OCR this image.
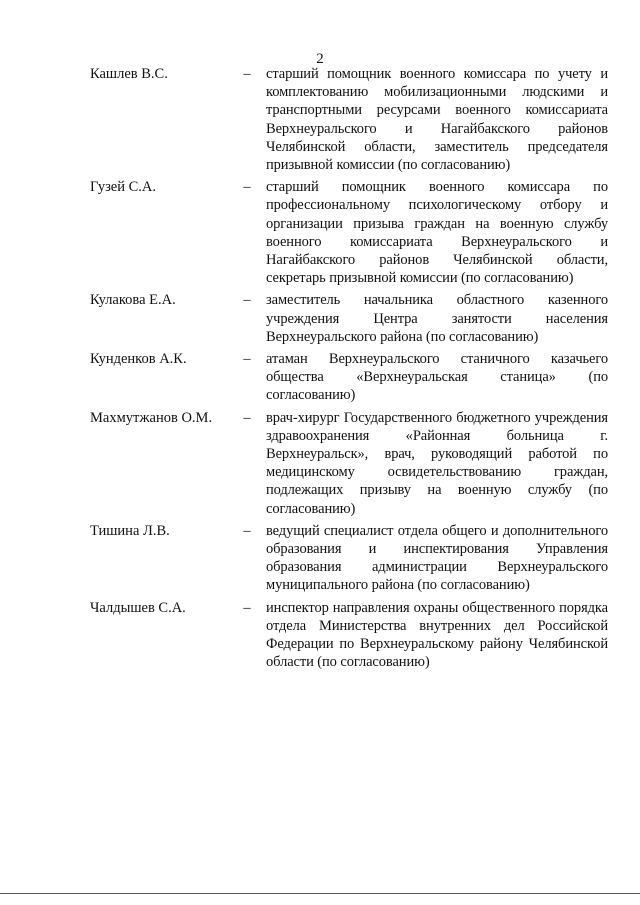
2
Кашлев В.С.	– старший помощник военного комиссара по учету и комплектованию мобилизационными людскими и транспортными ресурсами военного комиссариата Верхнеуральского и Нагайбакского районов Челябинской области, заместитель председателя призывной комиссии (по согласованию)
Гузей С.А.	– старший помощник военного комиссара по профессиональному психологическому отбору и организации призыва граждан на военную службу военного комиссариата Верхнеуральского и Нагайбакского районов Челябинской области, секретарь призывной комиссии (по согласованию)
Кулакова Е.А.	– заместитель начальника областного казенного учреждения Центра занятости населения Верхнеуральского района (по согласованию)
Кунденков А.К.	– атаман Верхнеуральского станичного казачьего общества «Верхнеуральская станица» (по согласованию)
Махмутжанов О.М. – врач-хирург Государственного бюджетного учреждения здравоохранения «Районная больница г. Верхнеуральск», врач, руководящий работой по медицинскому освидетельствованию граждан, подлежащих призыву на военную службу (по согласованию)
Тишина Л.В.	– ведущий специалист отдела общего и дополнительного образования и инспектирования Управления образования администрации Верхнеуральского муниципального района (по согласованию)
Чалдышев С.А.	– инспектор направления охраны общественного порядка отдела Министерства внутренних дел Российской Федерации по Верхнеуральскому району Челябинской области (по согласованию)
